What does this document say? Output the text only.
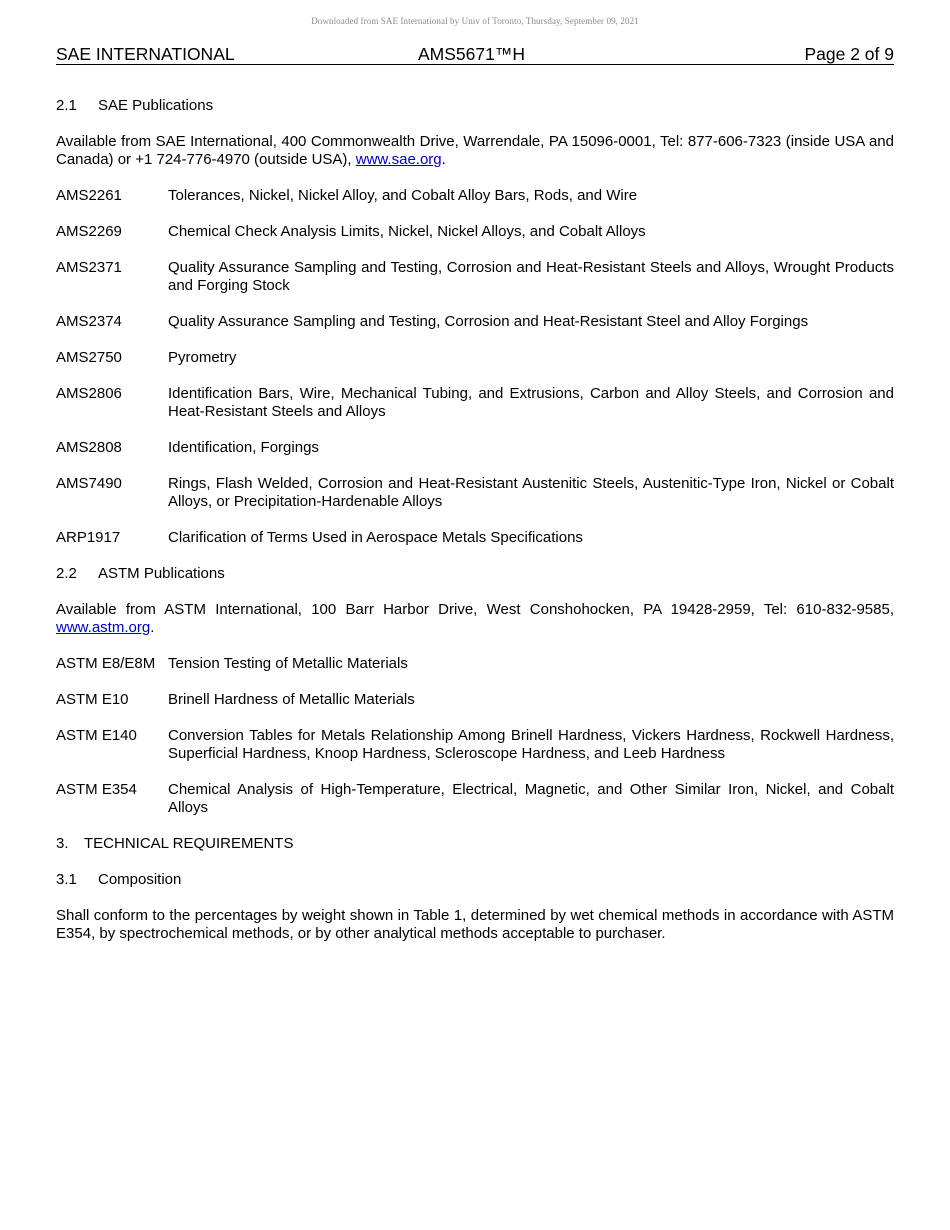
Downloaded from SAE International by Univ of Toronto, Thursday, September 09, 2021
SAE INTERNATIONAL	AMS5671™H	Page 2 of 9
2.1 SAE Publications
Available from SAE International, 400 Commonwealth Drive, Warrendale, PA 15096-0001, Tel: 877-606-7323 (inside USA and Canada) or +1 724-776-4970 (outside USA), www.sae.org.
AMS2261	Tolerances, Nickel, Nickel Alloy, and Cobalt Alloy Bars, Rods, and Wire
AMS2269	Chemical Check Analysis Limits, Nickel, Nickel Alloys, and Cobalt Alloys
AMS2371	Quality Assurance Sampling and Testing, Corrosion and Heat-Resistant Steels and Alloys, Wrought Products and Forging Stock
AMS2374	Quality Assurance Sampling and Testing, Corrosion and Heat-Resistant Steel and Alloy Forgings
AMS2750	Pyrometry
AMS2806	Identification Bars, Wire, Mechanical Tubing, and Extrusions, Carbon and Alloy Steels, and Corrosion and Heat-Resistant Steels and Alloys
AMS2808	Identification, Forgings
AMS7490	Rings, Flash Welded, Corrosion and Heat-Resistant Austenitic Steels, Austenitic-Type Iron, Nickel or Cobalt Alloys, or Precipitation-Hardenable Alloys
ARP1917	Clarification of Terms Used in Aerospace Metals Specifications
2.2 ASTM Publications
Available from ASTM International, 100 Barr Harbor Drive, West Conshohocken, PA 19428-2959, Tel: 610-832-9585, www.astm.org.
ASTM E8/E8M Tension Testing of Metallic Materials
ASTM E10	Brinell Hardness of Metallic Materials
ASTM E140	Conversion Tables for Metals Relationship Among Brinell Hardness, Vickers Hardness, Rockwell Hardness, Superficial Hardness, Knoop Hardness, Scleroscope Hardness, and Leeb Hardness
ASTM E354	Chemical Analysis of High-Temperature, Electrical, Magnetic, and Other Similar Iron, Nickel, and Cobalt Alloys
3. TECHNICAL REQUIREMENTS
3.1 Composition
Shall conform to the percentages by weight shown in Table 1, determined by wet chemical methods in accordance with ASTM E354, by spectrochemical methods, or by other analytical methods acceptable to purchaser.
